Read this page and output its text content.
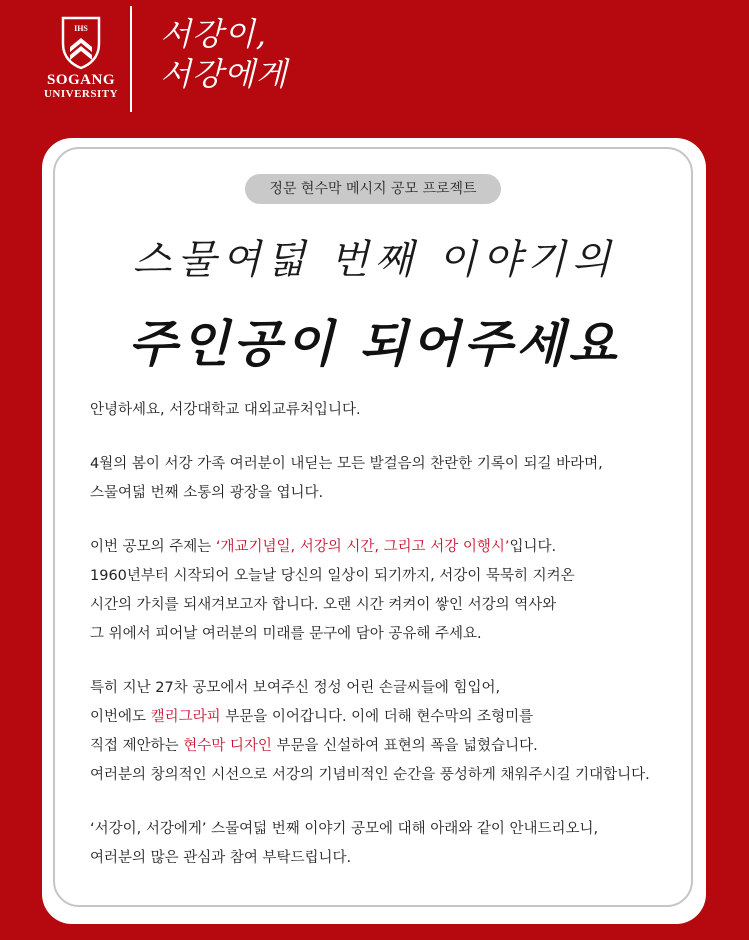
IHS
SOGANG
UNIVERSITY
서강이,
서강에게
정문 현수막 메시지 공모 프로젝트
스물여덟 번째 이야기의
주인공이 되어주세요
안녕하세요, 서강대학교 대외교류처입니다.
4월의 봄이 서강 가족 여러분이 내딛는 모든 발걸음의 찬란한 기록이 되길 바라며,
스물여덟 번째 소통의 광장을 엽니다.
이번 공모의 주제는 ‘개교기념일, 서강의 시간, 그리고 서강 이행시’입니다.
1960년부터 시작되어 오늘날 당신의 일상이 되기까지, 서강이 묵묵히 지켜온
시간의 가치를 되새겨보고자 합니다. 오랜 시간 켜켜이 쌓인 서강의 역사와
그 위에서 피어날 여러분의 미래를 문구에 담아 공유해 주세요.
특히 지난 27차 공모에서 보여주신 정성 어린 손글씨들에 힘입어,
이번에도 캘리그라피 부문을 이어갑니다. 이에 더해 현수막의 조형미를
직접 제안하는 현수막 디자인 부문을 신설하여 표현의 폭을 넓혔습니다.
여러분의 창의적인 시선으로 서강의 기념비적인 순간을 풍성하게 채워주시길 기대합니다.
‘서강이, 서강에게’ 스물여덟 번째 이야기 공모에 대해 아래와 같이 안내드리오니,
여러분의 많은 관심과 참여 부탁드립니다.
